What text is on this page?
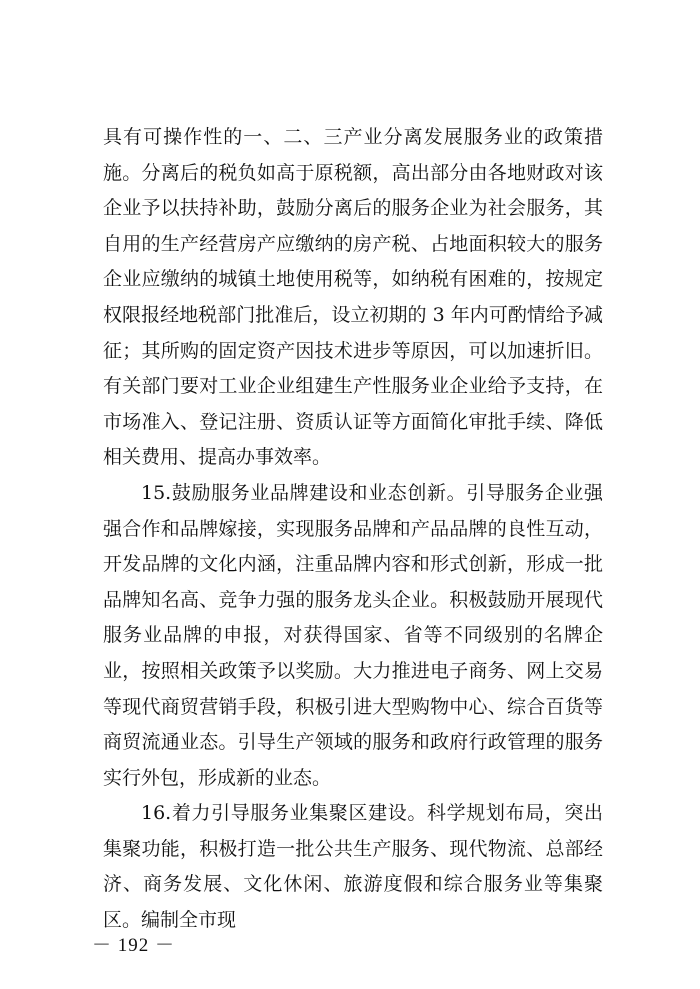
具有可操作性的一、二、三产业分离发展服务业的政策措施。分离后的税负如高于原税额，高出部分由各地财政对该企业予以扶持补助，鼓励分离后的服务企业为社会服务，其自用的生产经营房产应缴纳的房产税、占地面积较大的服务企业应缴纳的城镇土地使用税等，如纳税有困难的，按规定权限报经地税部门批准后，设立初期的 3 年内可酌情给予减征；其所购的固定资产因技术进步等原因，可以加速折旧。有关部门要对工业企业组建生产性服务业企业给予支持，在市场准入、登记注册、资质认证等方面简化审批手续、降低相关费用、提高办事效率。

15.鼓励服务业品牌建设和业态创新。引导服务企业强强合作和品牌嫁接，实现服务品牌和产品品牌的良性互动，开发品牌的文化内涵，注重品牌内容和形式创新，形成一批品牌知名高、竞争力强的服务龙头企业。积极鼓励开展现代服务业品牌的申报，对获得国家、省等不同级别的名牌企业，按照相关政策予以奖励。大力推进电子商务、网上交易等现代商贸营销手段，积极引进大型购物中心、综合百货等商贸流通业态。引导生产领域的服务和政府行政管理的服务实行外包，形成新的业态。

16.着力引导服务业集聚区建设。科学规划布局，突出集聚功能，积极打造一批公共生产服务、现代物流、总部经济、商务发展、文化休闲、旅游度假和综合服务业等集聚区。编制全市现

－ 192 －
